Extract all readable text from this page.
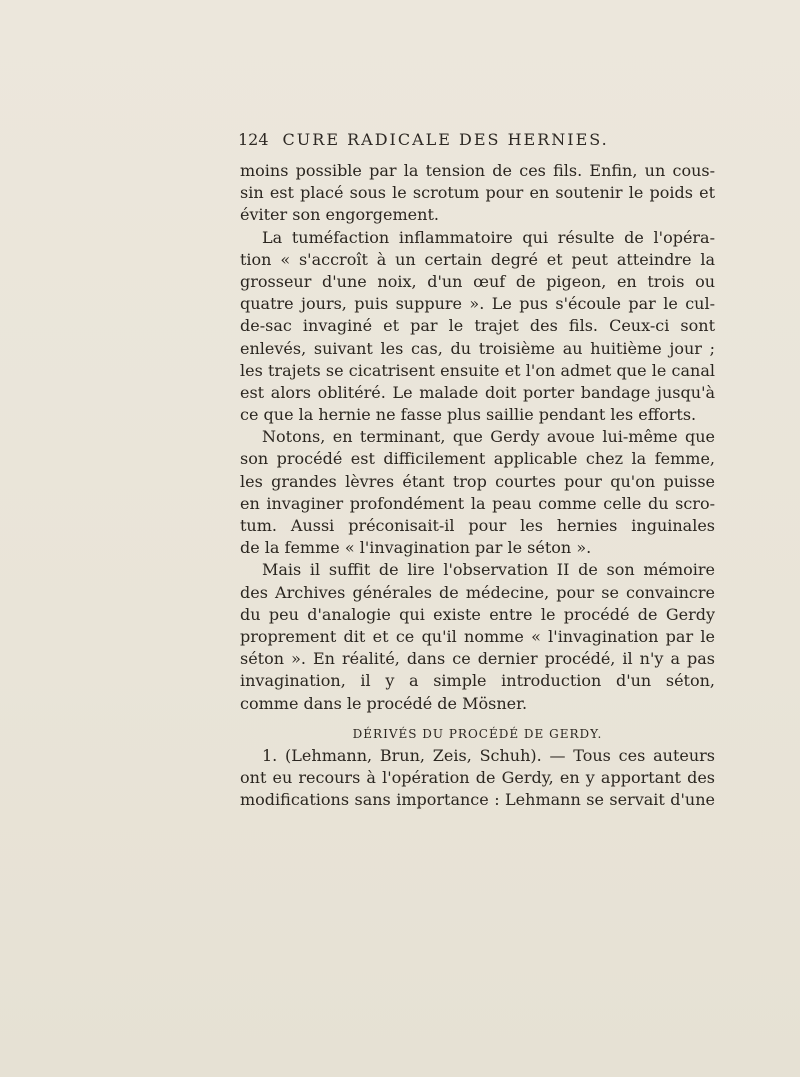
124 CURE RADICALE DES HERNIES.
moins possible par la tension de ces fils. Enfin, un cous-
sin est placé sous le scrotum pour en soutenir le poids et
éviter son engorgement.
La tuméfaction inflammatoire qui résulte de l'opéra-
tion « s'accroît à un certain degré et peut atteindre la
grosseur d'une noix, d'un œuf de pigeon, en trois ou
quatre jours, puis suppure ». Le pus s'écoule par le cul-
de-sac invaginé et par le trajet des fils. Ceux-ci sont
enlevés, suivant les cas, du troisième au huitième jour ;
les trajets se cicatrisent ensuite et l'on admet que le canal
est alors oblitéré. Le malade doit porter bandage jusqu'à
ce que la hernie ne fasse plus saillie pendant les efforts.
Notons, en terminant, que Gerdy avoue lui-même que
son procédé est difficilement applicable chez la femme,
les grandes lèvres étant trop courtes pour qu'on puisse
en invaginer profondément la peau comme celle du scro-
tum. Aussi préconisait-il pour les hernies inguinales
de la femme « l'invagination par le séton ».
Mais il suffit de lire l'observation II de son mémoire
des Archives générales de médecine, pour se convaincre
du peu d'analogie qui existe entre le procédé de Gerdy
proprement dit et ce qu'il nomme « l'invagination par le
séton ». En réalité, dans ce dernier procédé, il n'y a pas
invagination, il y a simple introduction d'un séton,
comme dans le procédé de Mösner.
DÉRIVÉS DU PROCÉDÉ DE GERDY.
1. (Lehmann, Brun, Zeis, Schuh). — Tous ces auteurs
ont eu recours à l'opération de Gerdy, en y apportant des
modifications sans importance : Lehmann se servait d'une
